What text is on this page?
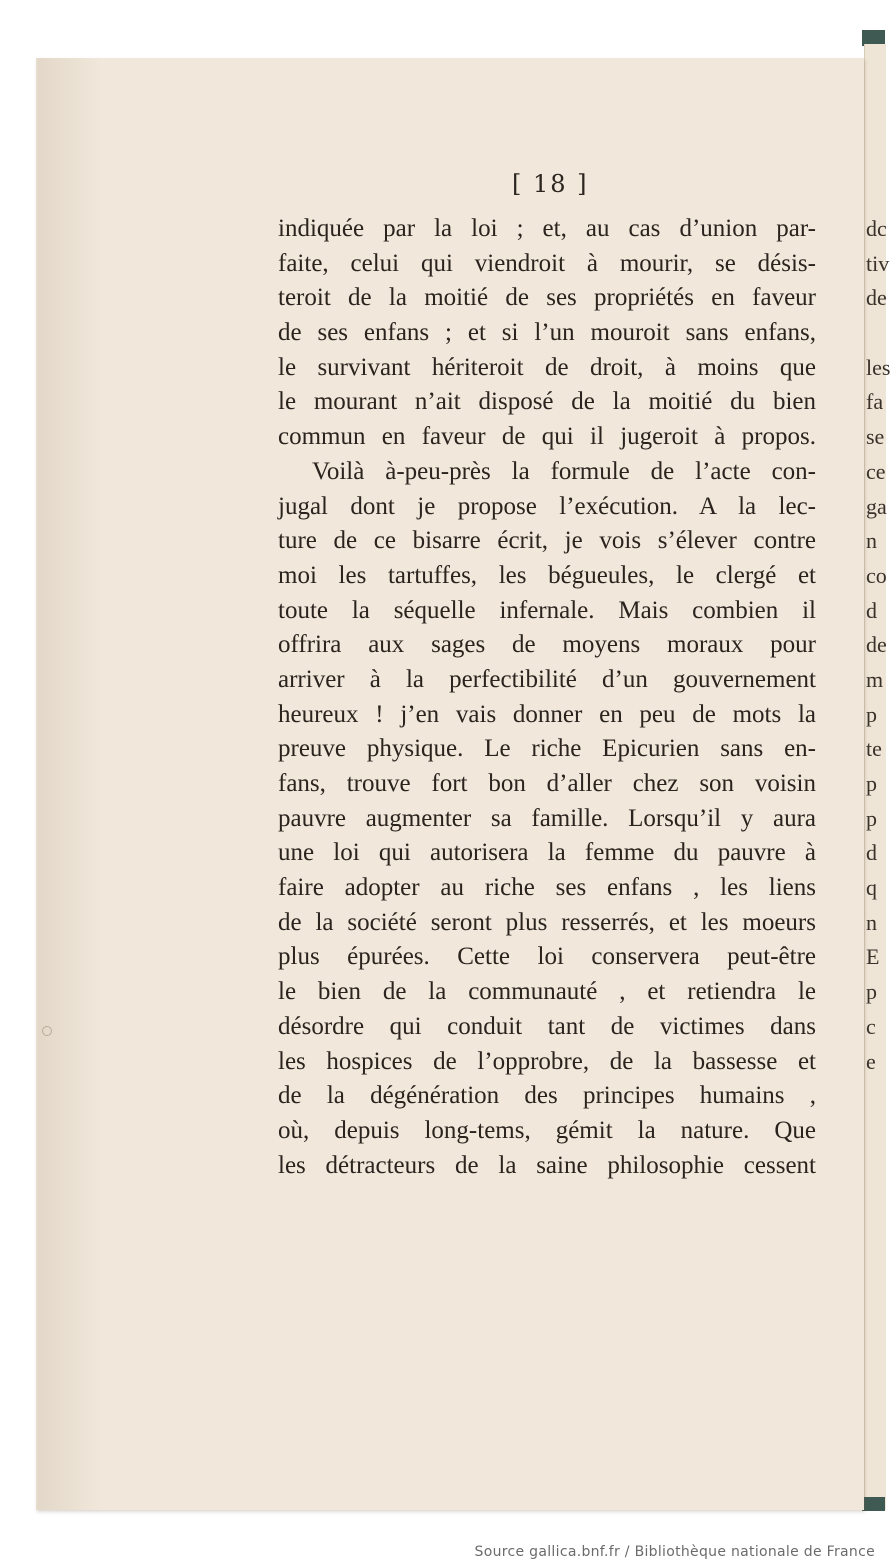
[ 18 ]
indiquée par la loi ; et, au cas d’union par-
faite, celui qui viendroit à mourir, se désis-
teroit de la moitié de ses propriétés en faveur
de ses enfans ; et si l’un mouroit sans enfans,
le survivant hériteroit de droit, à moins que
le mourant n’ait disposé de la moitié du bien
commun en faveur de qui il jugeroit à propos.
Voilà à-peu-près la formule de l’acte con-
jugal dont je propose l’exécution. A la lec-
ture de ce bisarre écrit, je vois s’élever contre
moi les tartuffes, les bégueules, le clergé et
toute la séquelle infernale. Mais combien il
offrira aux sages de moyens moraux pour
arriver à la perfectibilité d’un gouvernement
heureux ! j’en vais donner en peu de mots la
preuve physique. Le riche Epicurien sans en-
fans, trouve fort bon d’aller chez son voisin
pauvre augmenter sa famille. Lorsqu’il y aura
une loi qui autorisera la femme du pauvre à
faire adopter au riche ses enfans , les liens
de la société seront plus resserrés, et les moeurs
plus épurées. Cette loi conservera peut-être
le bien de la communauté , et retiendra le
désordre qui conduit tant de victimes dans
les hospices de l’opprobre, de la bassesse et
de la dégénération des principes humains ,
où, depuis long-tems, gémit la nature. Que
les détracteurs de la saine philosophie cessent
dc
tiv
de
les
fa
se
ce
ga
n
co
d
de
m
p
te
p
p
d
q
n
E
p
c
e
Source gallica.bnf.fr / Bibliothèque nationale de France
